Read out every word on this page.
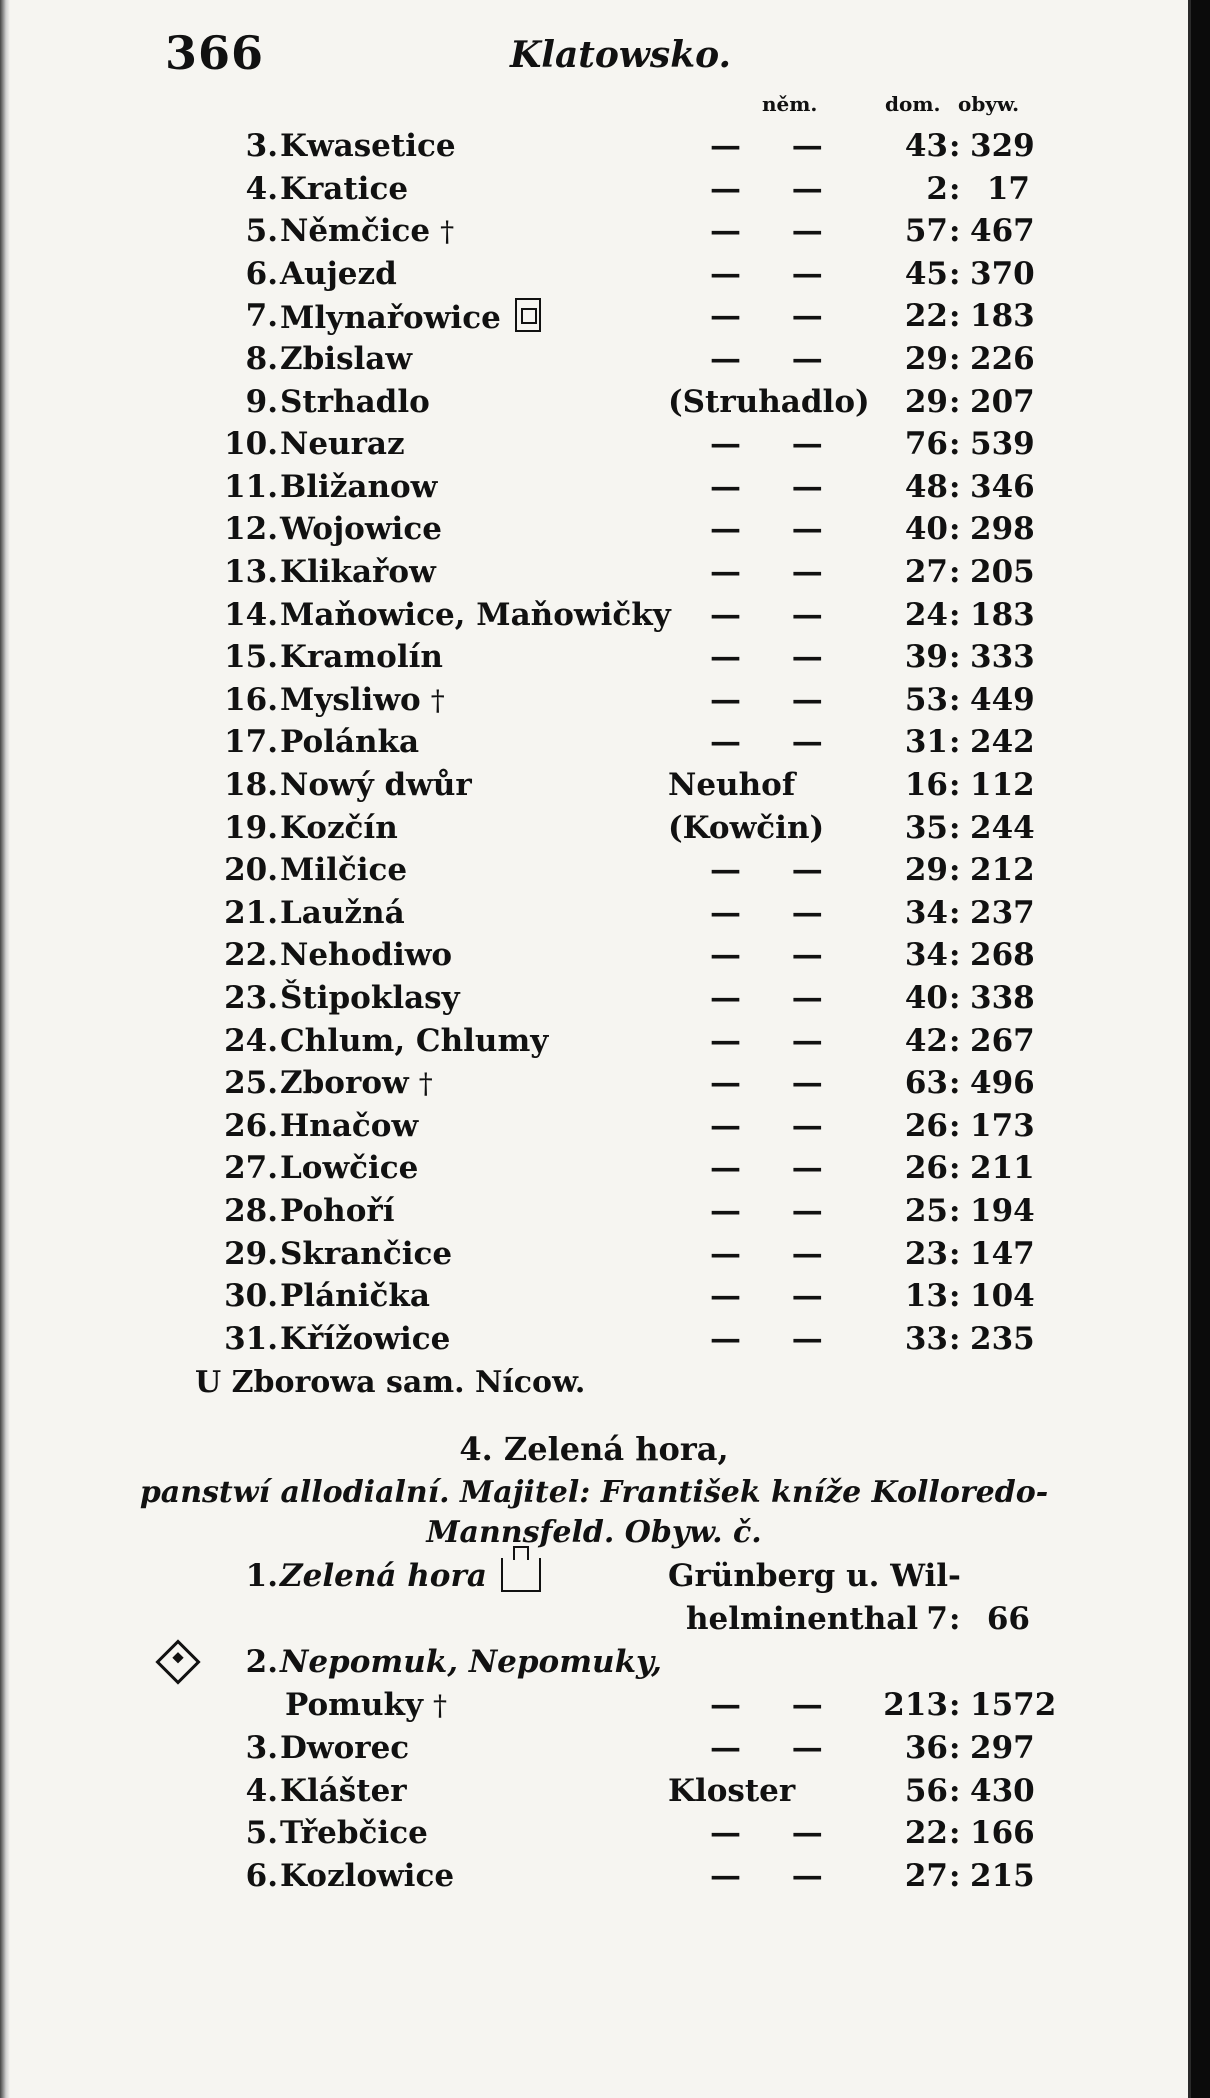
366	Klatowsko.
něm.	dom. obyw.
3. Kwasetice	— —	43 : 329
4. Kratice	— —	2 : 17
5. Němčice †	— —	57 : 467
6. Aujezd	— —	45 : 370
7. Mlynařowice	— —	22 : 183
8. Zbislaw	— —	29 : 226
9. Strhadlo	(Struhadlo)	29 : 207
10. Neuraz	— —	76 : 539
11. Bližanow	— —	48 : 346
12. Wojowice	— —	40 : 298
13. Klikařow	— —	27 : 205
14. Maňowice, Maňowičky — —	24 : 183
15. Kramolín	— —	39 : 333
16. Mysliwo †	— —	53 : 449
17. Polánka	— —	31 : 242
18. Nowý dwůr	Neuhof	16 : 112
19. Kozčín	(Kowčin)	35 : 244
20. Milčice	— —	29 : 212
21. Laužná	— —	34 : 237
22. Nehodiwo	— —	34 : 268
23. Štipoklasy	— —	40 : 338
24. Chlum, Chlumy	— —	42 : 267
25. Zborow †	— —	63 : 496
26. Hnačow	— —	26 : 173
27. Lowčice	— —	26 : 211
28. Pohoří	— —	25 : 194
29. Skrančice	— —	23 : 147
30. Plánička	— —	13 : 104
31. Křížowice	— —	33 : 235
U Zborowa sam. Nícow.
4. Zelená hora,
panstwí allodialní. Majitel: František kníže Kolloredo-
Mannsfeld. Obyw. č.
1. Zelená hora	Grünberg u. Wil-
helminenthal 7 : 66
2. Nepomuk, Nepomuky,
Pomuky †	— —	213 : 1572
3. Dworec	— —	36 : 297
4. Klášter	Kloster	56 : 430
5. Třebčice	— —	22 : 166
6. Kozlowice	— —	27 : 215
